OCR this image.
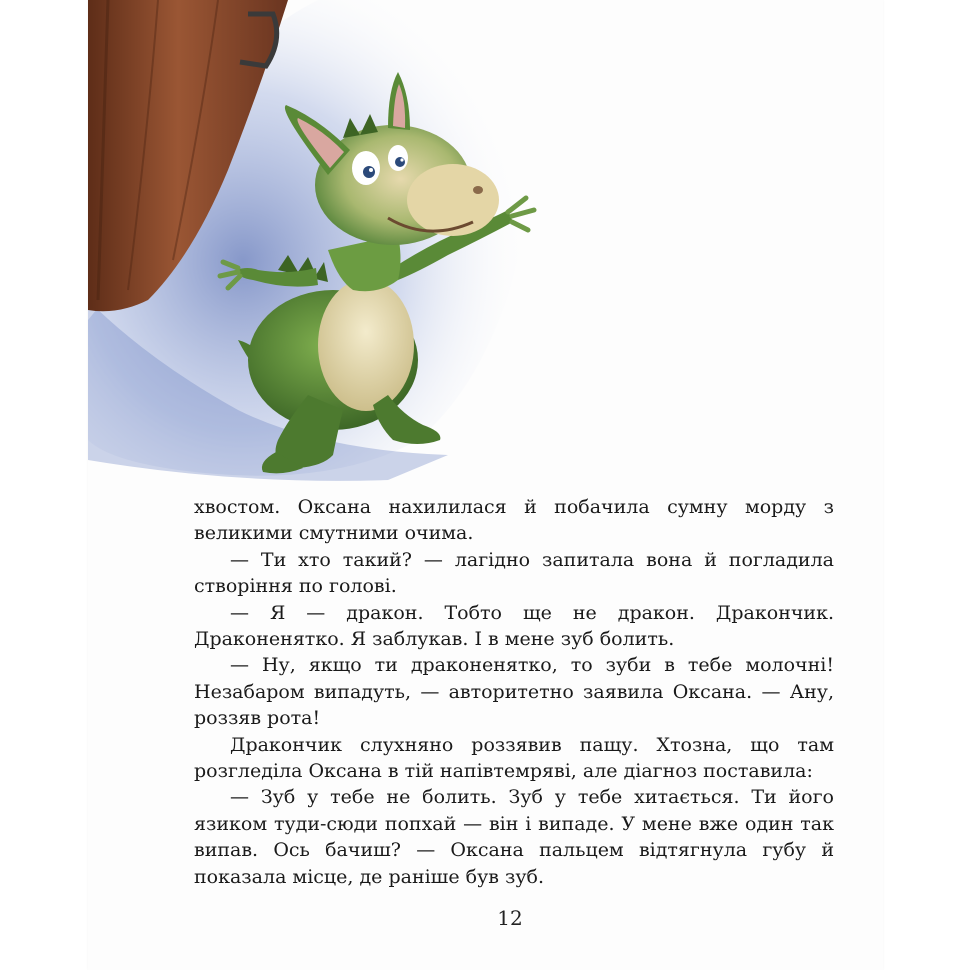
хвостом. Оксана нахилилася й побачила сумну морду з великими смутними очима.

— Ти хто такий? — лагідно запитала вона й погладила створіння по голові.

— Я — дракон. Тобто ще не дракон. Дракончик. Драконенятко. Я заблукав. І в мене зуб болить.

— Ну, якщо ти драконенятко, то зуби в тебе молочні! Незабаром випадуть, — авторитетно заявила Оксана. — Ану, роззяв рота!

Дракончик слухняно роззявив пащу. Хтозна, що там розгледіла Оксана в тій напівтемряві, але діагноз поставила:

— Зуб у тебе не болить. Зуб у тебе хитається. Ти його язиком туди-сюди попхай — він і випаде. У мене вже один так випав. Ось бачиш? — Оксана пальцем відтягнула губу й показала місце, де раніше був зуб.

12
